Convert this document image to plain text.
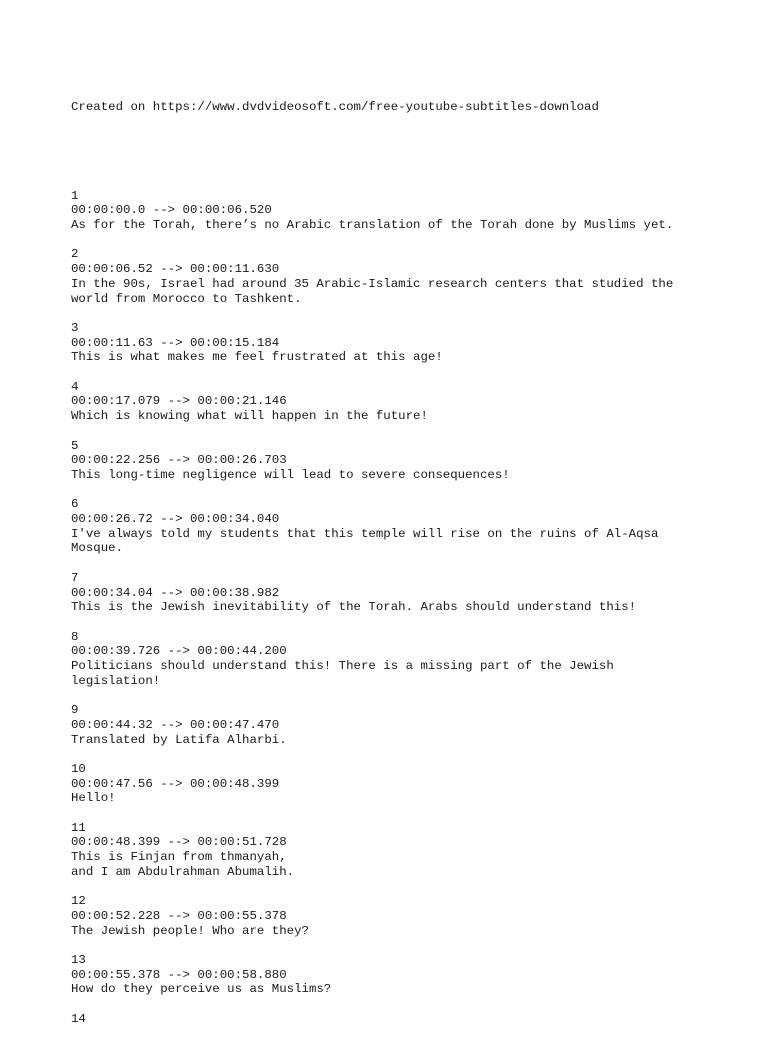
Created on https://www.dvdvideosoft.com/free-youtube-subtitles-download

1
00:00:00.0 --> 00:00:06.520
As for the Torah, there’s no Arabic translation of the Torah done by Muslims yet.
2
00:00:06.52 --> 00:00:11.630
In the 90s, Israel had around 35 Arabic-Islamic research centers that studied the
world from Morocco to Tashkent.
3
00:00:11.63 --> 00:00:15.184
This is what makes me feel frustrated at this age!
4
00:00:17.079 --> 00:00:21.146
Which is knowing what will happen in the future!
5
00:00:22.256 --> 00:00:26.703
This long-time negligence will lead to severe consequences!
6
00:00:26.72 --> 00:00:34.040
I've always told my students that this temple will rise on the ruins of Al-Aqsa
Mosque.
7
00:00:34.04 --> 00:00:38.982
This is the Jewish inevitability of the Torah. Arabs should understand this!
8
00:00:39.726 --> 00:00:44.200
Politicians should understand this! There is a missing part of the Jewish
legislation!
9
00:00:44.32 --> 00:00:47.470
Translated by Latifa Alharbi.
10
00:00:47.56 --> 00:00:48.399
Hello!
11
00:00:48.399 --> 00:00:51.728
This is Finjan from thmanyah,
and I am Abdulrahman Abumalih.
12
00:00:52.228 --> 00:00:55.378
The Jewish people! Who are they?
13
00:00:55.378 --> 00:00:58.880
How do they perceive us as Muslims?
14
